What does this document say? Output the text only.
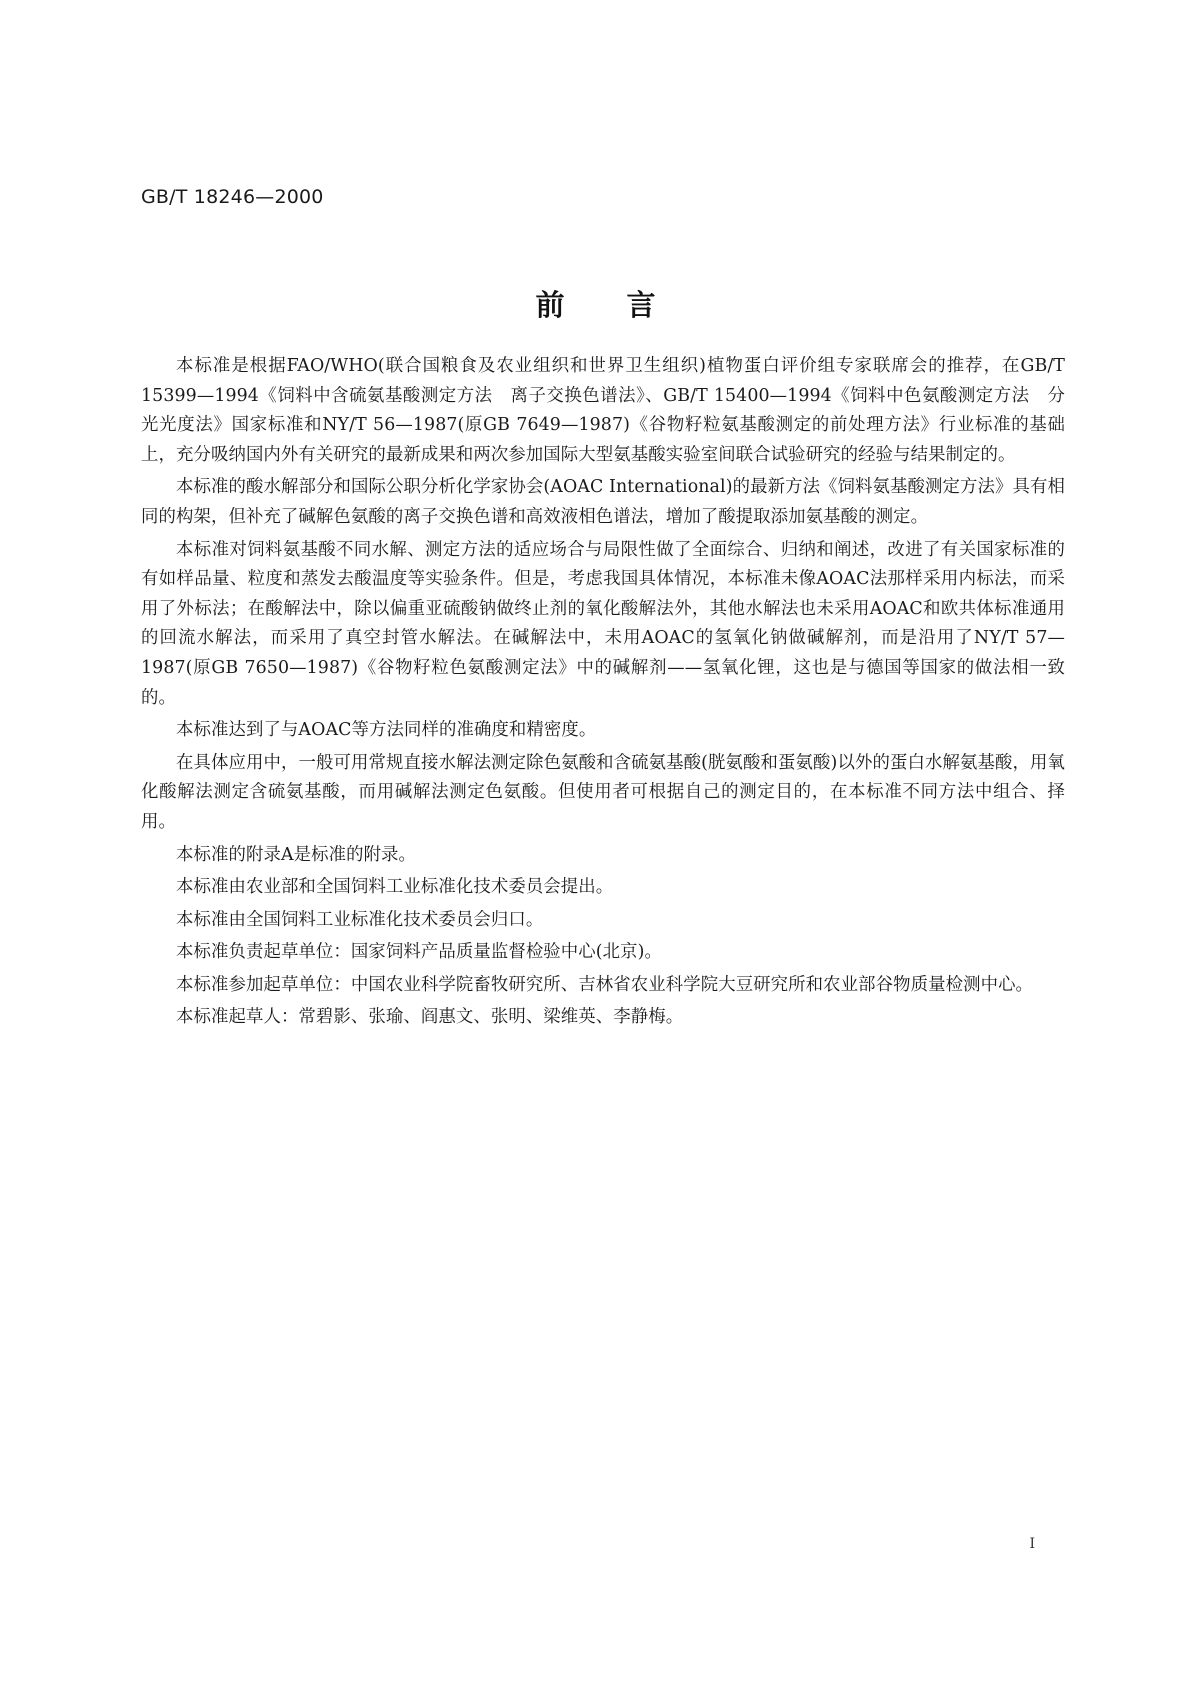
GB/T 18246—2000
前言

本标准是根据FAO/WHO(联合国粮食及农业组织和世界卫生组织)植物蛋白评价组专家联席会的推荐，在GB/T 15399—1994《饲料中含硫氨基酸测定方法　离子交换色谱法》、GB/T 15400—1994《饲料中色氨酸测定方法　分光光度法》国家标准和NY/T 56—1987(原GB 7649—1987)《谷物籽粒氨基酸测定的前处理方法》行业标准的基础上，充分吸纳国内外有关研究的最新成果和两次参加国际大型氨基酸实验室间联合试验研究的经验与结果制定的。

本标准的酸水解部分和国际公职分析化学家协会(AOAC International)的最新方法《饲料氨基酸测定方法》具有相同的构架，但补充了碱解色氨酸的离子交换色谱和高效液相色谱法，增加了酸提取添加氨基酸的测定。

本标准对饲料氨基酸不同水解、测定方法的适应场合与局限性做了全面综合、归纳和阐述，改进了有关国家标准的有如样品量、粒度和蒸发去酸温度等实验条件。但是，考虑我国具体情况，本标准未像AOAC法那样采用内标法，而采用了外标法；在酸解法中，除以偏重亚硫酸钠做终止剂的氧化酸解法外，其他水解法也未采用AOAC和欧共体标准通用的回流水解法，而采用了真空封管水解法。在碱解法中，未用AOAC的氢氧化钠做碱解剂，而是沿用了NY/T 57—1987(原GB 7650—1987)《谷物籽粒色氨酸测定法》中的碱解剂——氢氧化锂，这也是与德国等国家的做法相一致的。

本标准达到了与AOAC等方法同样的准确度和精密度。

在具体应用中，一般可用常规直接水解法测定除色氨酸和含硫氨基酸(胱氨酸和蛋氨酸)以外的蛋白水解氨基酸，用氧化酸解法测定含硫氨基酸，而用碱解法测定色氨酸。但使用者可根据自己的测定目的，在本标准不同方法中组合、择用。

本标准的附录A是标准的附录。

本标准由农业部和全国饲料工业标准化技术委员会提出。

本标准由全国饲料工业标准化技术委员会归口。

本标准负责起草单位：国家饲料产品质量监督检验中心(北京)。

本标准参加起草单位：中国农业科学院畜牧研究所、吉林省农业科学院大豆研究所和农业部谷物质量检测中心。

本标准起草人：常碧影、张瑜、阎惠文、张明、梁维英、李静梅。

I
